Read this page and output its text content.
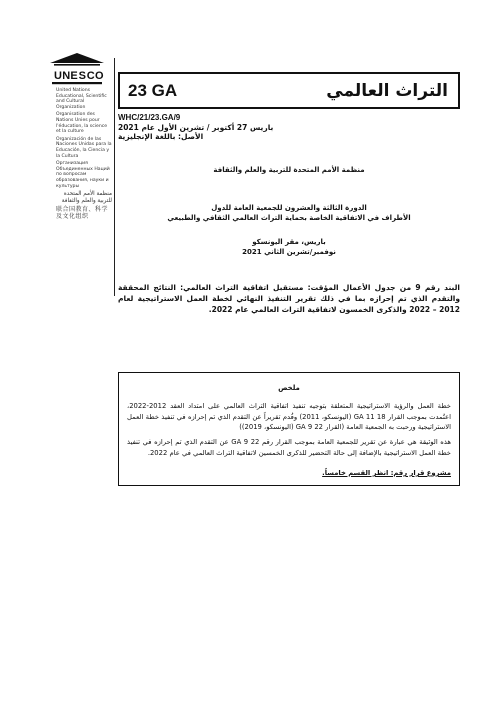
U N E S C O
United Nations Educational, Scientific and Cultural Organization
Organisation des Nations Unies pour l'éducation, la science et la culture
Organización de las Naciones Unidas para la Educación, la Ciencia y la Cultura
Организация Объединенных Наций по вопросам образования, науки и культуры
منظمة الأمم المتحدة للتربية والعلم والثقافة
联合国教育、科学及文化组织
23 GA	التراث العالمي
WHC/21/23.GA/9
باريس 27 أكتوبر / تشرين الأول عام 2021
الأصل: باللغة الإنجليزية
منظمة الأمم المتحدة للتربية والعلم والثقافة
الدورة الثالثة والعشرون للجمعية العامة للدول
الأطراف في الاتفاقية الخاصة بحماية التراث العالمي الثقافي والطبيعي
باريس، مقر اليونسكو
نوفمبر/تشرين الثاني 2021
البند رقم 9 من جدول الأعمال المؤقت: مستقبل اتفاقية التراث العالمي: النتائج المحققة والتقدم الذي تم إحرازه بما في ذلك تقرير التنفيذ النهائي لخطة العمل الاستراتيجية لعام 2012 – 2022 والذكرى الخمسون لاتفاقية التراث العالمي عام 2022.
ملخص
خطة العمل والرؤية الاستراتيجية المتعلقة بتوجيه تنفيذ اتفاقية التراث العالمي على امتداد العقد 2012-2022، اعتُمدت بموجب القرار 18 GA 11 (اليونسكو، 2011) وقُدم تقريراً عن التقدم الذي تم إحرازه في تنفيذ خطة العمل الاستراتيجية ورحبت به الجمعية العامة (القرار 22 GA 9 (اليونسكو، 2019))
هذه الوثيقة هي عبارة عن تقرير للجمعية العامة بموجب القرار رقم 22 GA 9 عن التقدم الذي تم إحرازه في تنفيذ خطة العمل الاستراتيجية بالإضافة إلى حالة التحضير للذكرى الخمسين لاتفاقية التراث العالمي في عام 2022.
مشروع قرار رقم: انظر القسم خامساً.
